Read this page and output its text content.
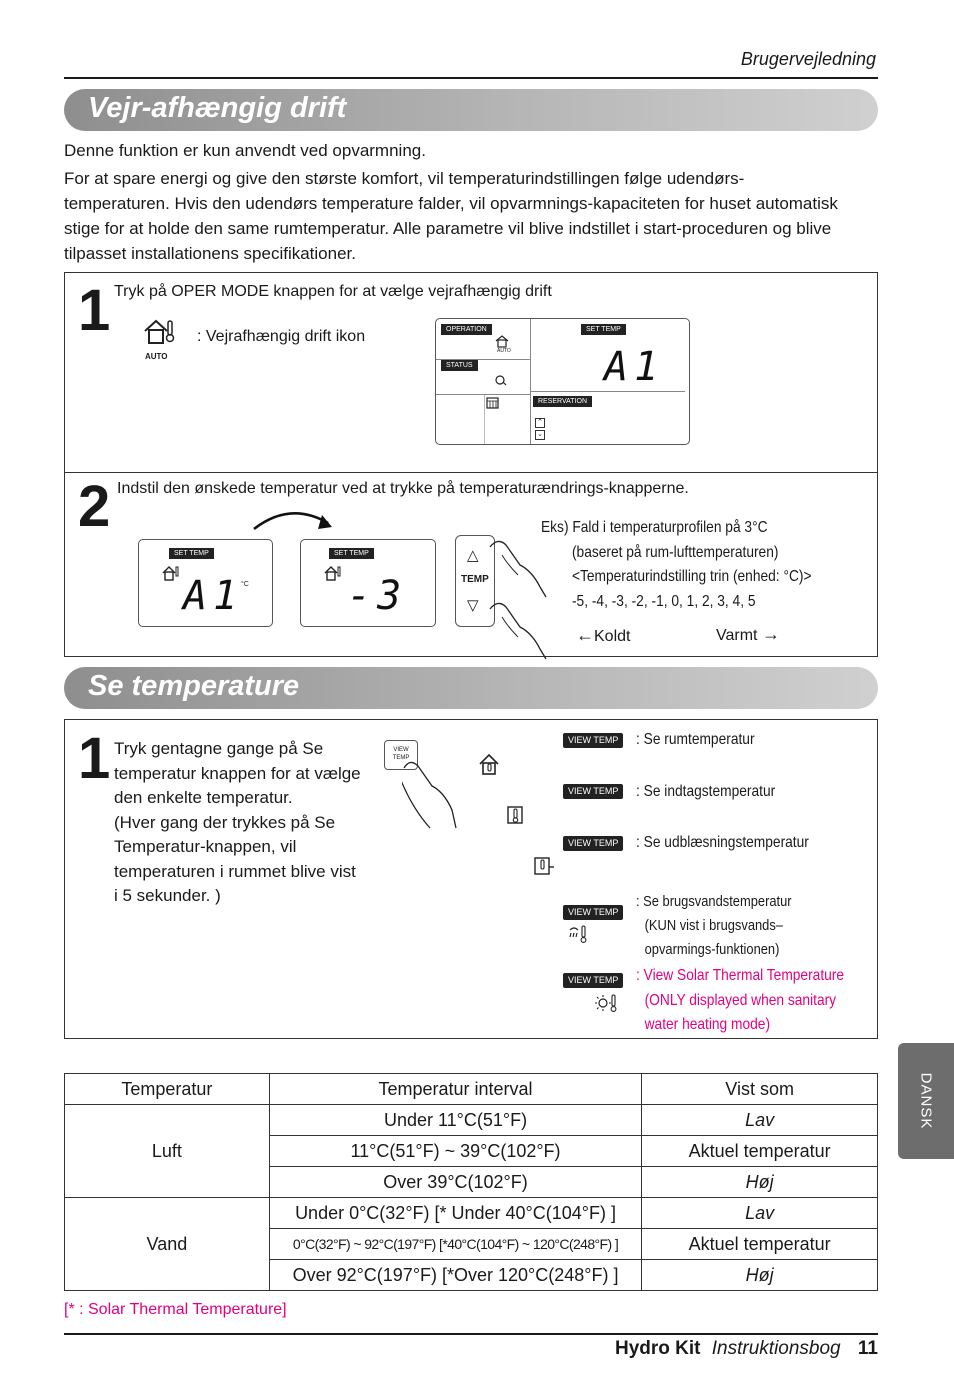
Brugervejledning
Vejr-afhængig drift

Denne funktion er kun anvendt ved opvarmning.

For at spare energi og give den største komfort, vil temperaturindstillingen følge udendørs-temperaturen. Hvis den udendørs temperature falder, vil opvarmnings-kapaciteten for huset automatisk stige for at holde den same rumtemperatur. Alle parametre vil blive indstillet i start-proceduren og blive tilpasset installationens specifikationer.

1 Tryk på OPER MODE knappen for at vælge vejrafhængig drift
AUTO
: Vejrafhængig drift ikon	OPERATION
AUTO
STATUS
SET TEMP
A1
RESERVATION
⌃
⌄
2 Indstil den ønskede temperatur ved at trykke på temperaturændrings-knapperne.
SET TEMP
A1
°C
SET TEMP
-3
△
TEMP
▽
Eks) Fald i temperaturprofilen på 3°C
(baseret på rum-lufttemperaturen)
<Temperaturindstilling trin (enhed: °C)>
-5, -4, -3, -2, -1, 0, 1, 2, 3, 4, 5
←Koldt	Varmt →
Se temperature
1 Tryk gentagne gange på Se
temperatur knappen for at vælge
den enkelte temperatur.
(Hver gang der trykkes på Se
Temperatur-knappen, vil
temperaturen i rummet blive vist
i 5 sekunder. )
VIEW
TEMP
VIEW TEMP	: Se rumtemperatur
VIEW TEMP	: Se indtagstemperatur
VIEW TEMP	: Se udblæsningstemperatur
VIEW TEMP
: Se brugsvandstemperatur
(KUN vist i brugsvands–
opvarmings-funktionen)
VIEW TEMP	: View Solar Thermal Temperature
(ONLY displayed when sanitary
water heating mode)
Temperatur	Temperatur interval	Vist som
Luft	Under 11°C(51°F)	Lav
	11°C(51°F) ~ 39°C(102°F)	Aktuel temperatur
	Over 39°C(102°F)	Høj
Vand	Under 0°C(32°F) [* Under 40°C(104°F) ]	Lav
	0°C(32°F) ~ 92°C(197°F) [*40°C(104°F) ~ 120°C(248°F) ]	Aktuel temperatur
	Over 92°C(197°F) [*Over 120°C(248°F) ]	Høj
[* : Solar Thermal Temperature]
DANSK
Hydro Kit Instruktionsbog 11
